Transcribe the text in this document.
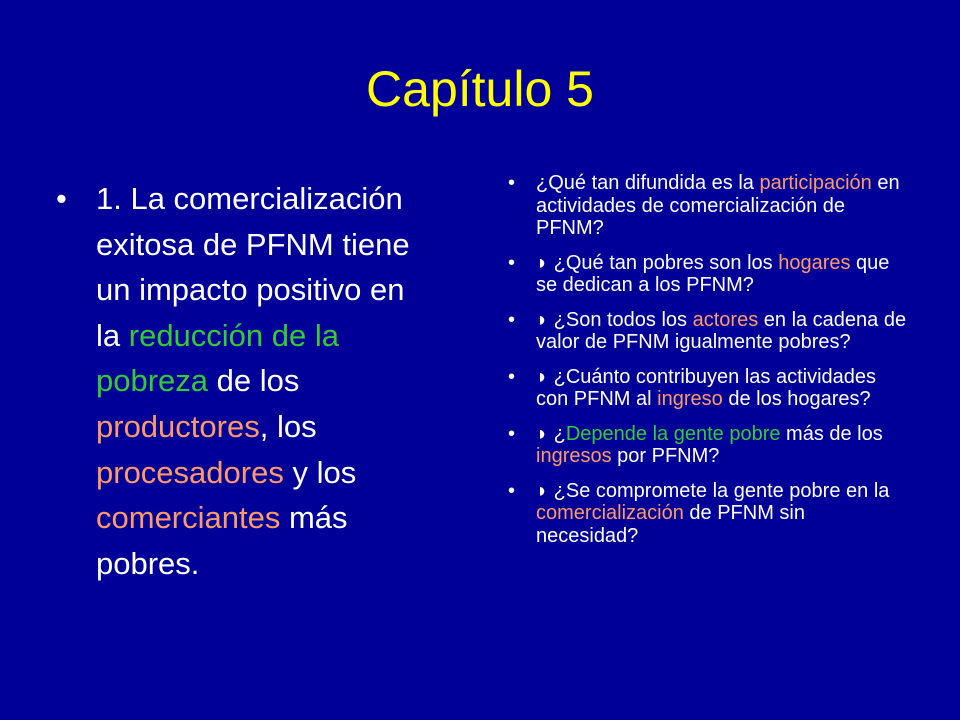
Capítulo 5
• 1. La comercialización exitosa de PFNM tiene un impacto positivo en la reducción de la pobreza de los productores, los procesadores y los comerciantes más pobres.
• ¿Qué tan difundida es la participación en actividades de comercialización de PFNM?
• ◗ ¿Qué tan pobres son los hogares que se dedican a los PFNM?
• ◗ ¿Son todos los actores en la cadena de valor de PFNM igualmente pobres?
• ◗ ¿Cuánto contribuyen las actividades con PFNM al ingreso de los hogares?
• ◗ ¿Depende la gente pobre más de los ingresos por PFNM?
• ◗ ¿Se compromete la gente pobre en la comercialización de PFNM sin necesidad?
